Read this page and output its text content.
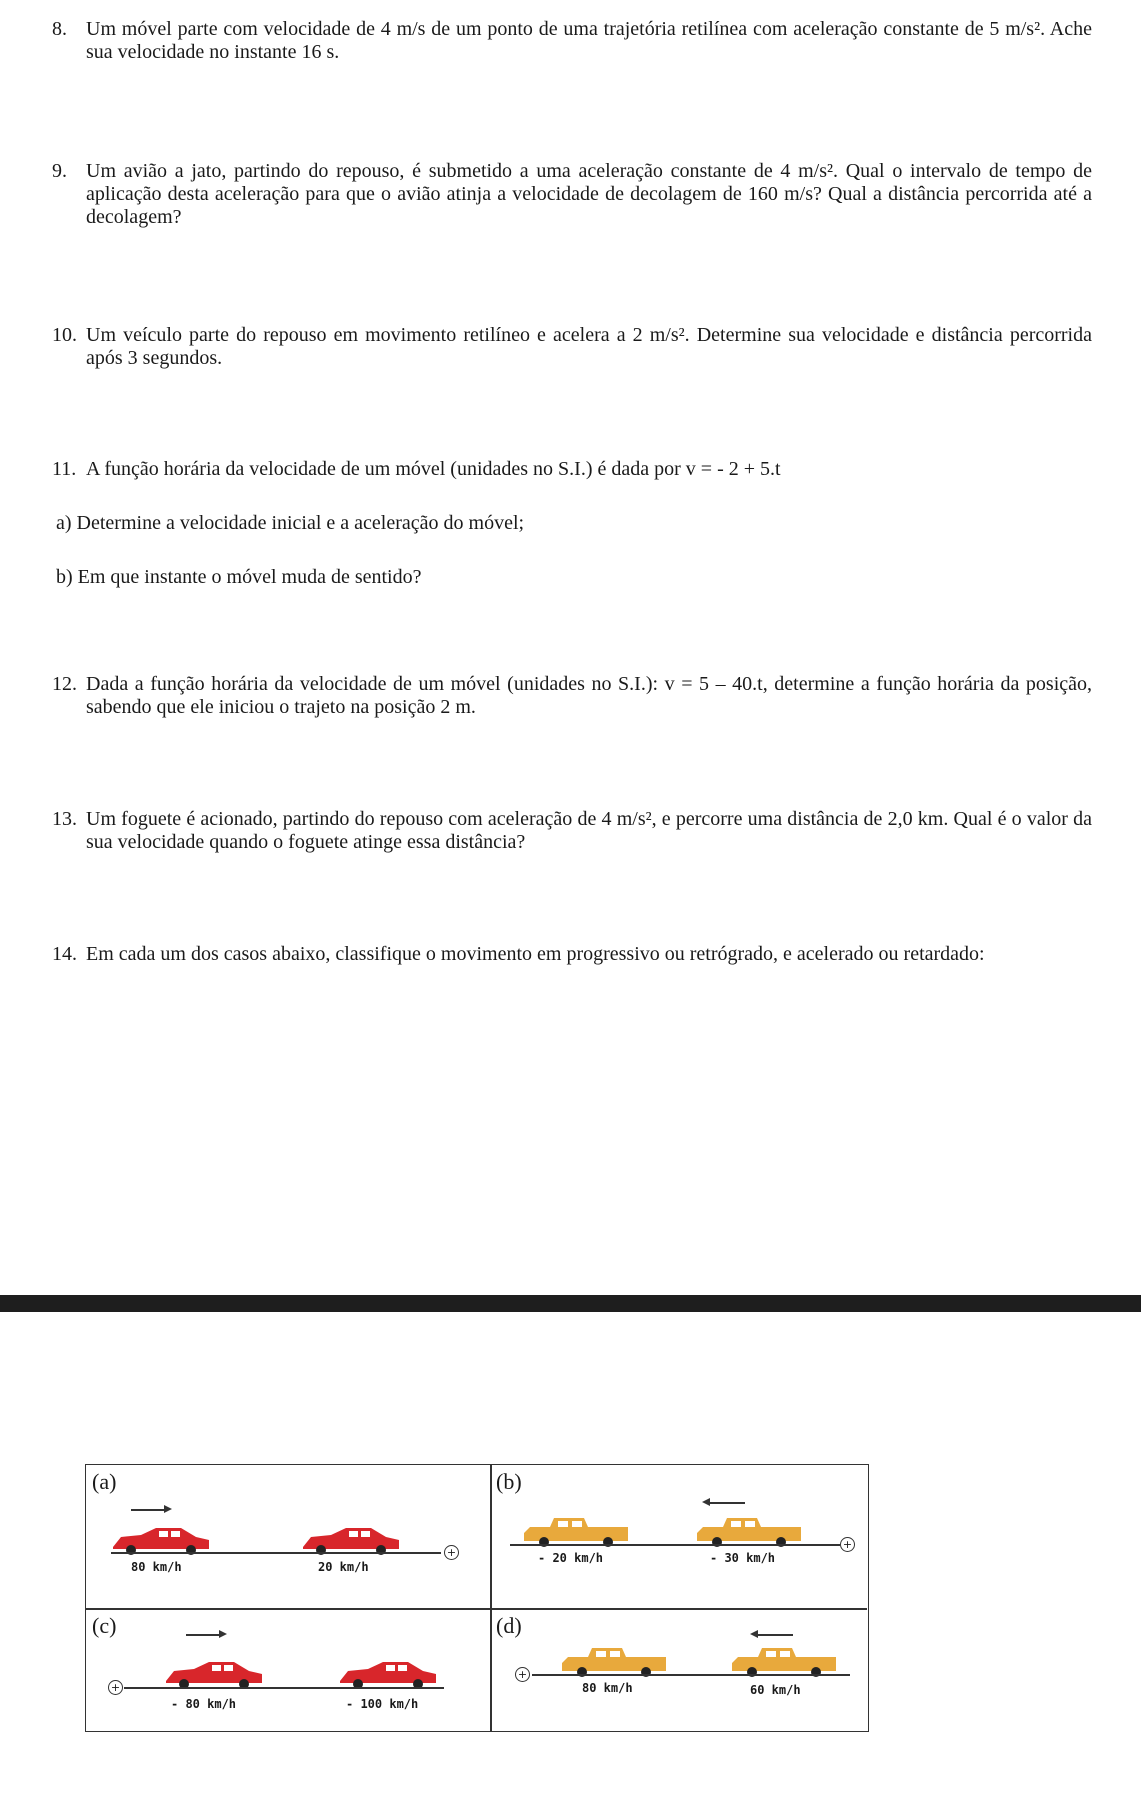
8. Um móvel parte com velocidade de 4 m/s de um ponto de uma trajetória retilínea com aceleração constante de 5 m/s². Ache sua velocidade no instante 16 s.
9. Um avião a jato, partindo do repouso, é submetido a uma aceleração constante de 4 m/s². Qual o intervalo de tempo de aplicação desta aceleração para que o avião atinja a velocidade de decolagem de 160 m/s? Qual a distância percorrida até a decolagem?
10. Um veículo parte do repouso em movimento retilíneo e acelera a 2 m/s². Determine sua velocidade e distância percorrida após 3 segundos.
11. A função horária da velocidade de um móvel (unidades no S.I.) é dada por v = - 2 + 5.t
a) Determine a velocidade inicial e a aceleração do móvel;
b) Em que instante o móvel muda de sentido?
12. Dada a função horária da velocidade de um móvel (unidades no S.I.): v = 5 – 40.t, determine a função horária da posição, sabendo que ele iniciou o trajeto na posição 2 m.
13. Um foguete é acionado, partindo do repouso com aceleração de 4 m/s², e percorre uma distância de 2,0 km. Qual é o valor da sua velocidade quando o foguete atinge essa distância?
14. Em cada um dos casos abaixo, classifique o movimento em progressivo ou retrógrado, e acelerado ou retardado:
(a)
+
80 km/h	20 km/h
(b)
+
- 20 km/h	- 30 km/h
(c)
+
- 80 km/h	- 100 km/h
(d)
+
80 km/h	60 km/h
